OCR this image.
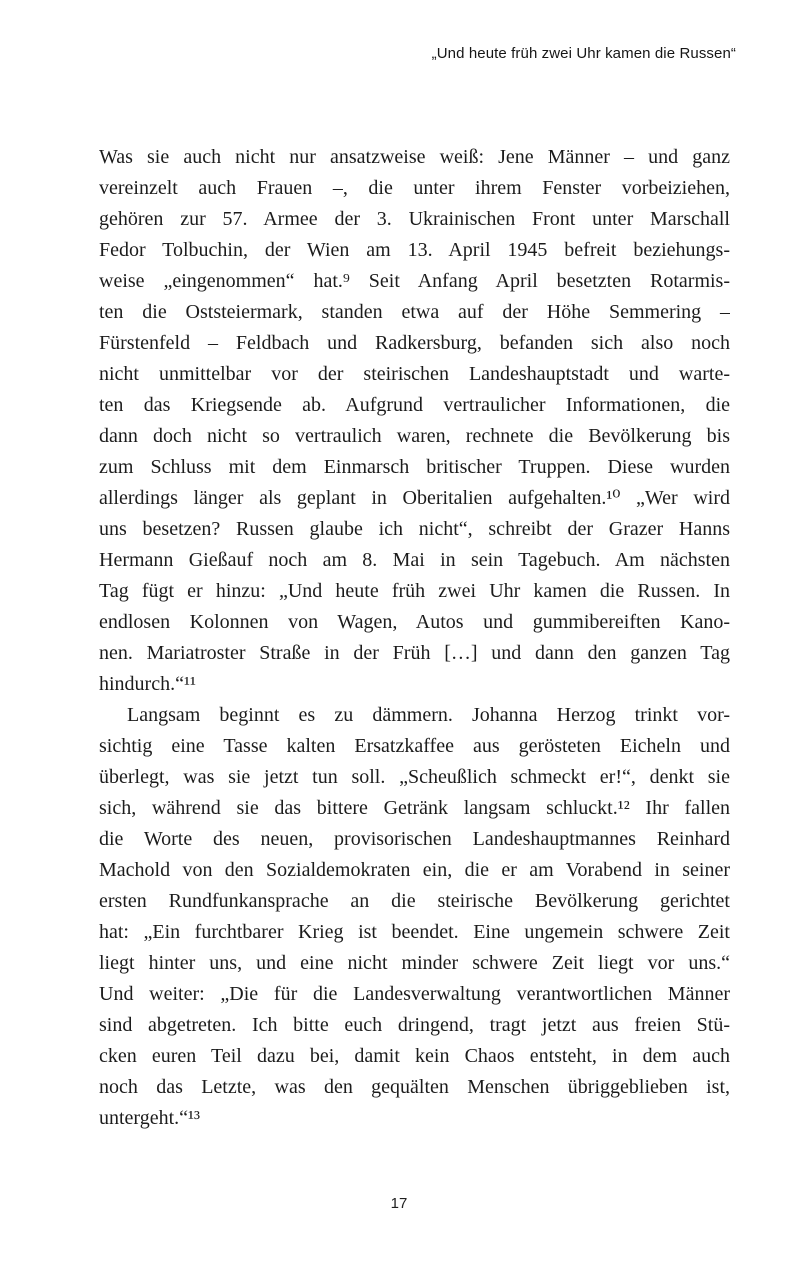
„Und heute früh zwei Uhr kamen die Russen“
Was sie auch nicht nur ansatzweise weiß: Jene Männer – und ganz
vereinzelt auch Frauen –, die unter ihrem Fenster vorbeiziehen,
gehören zur 57. Armee der 3. Ukrainischen Front unter Marschall
Fedor Tolbuchin, der Wien am 13. April 1945 befreit beziehungs-
weise „eingenommen“ hat.⁹ Seit Anfang April besetzten Rotarmis-
ten die Oststeiermark, standen etwa auf der Höhe Semmering –
Fürstenfeld – Feldbach und Radkersburg, befanden sich also noch
nicht unmittelbar vor der steirischen Landeshauptstadt und warte-
ten das Kriegsende ab. Aufgrund vertraulicher Informationen, die
dann doch nicht so vertraulich waren, rechnete die Bevölkerung bis
zum Schluss mit dem Einmarsch britischer Truppen. Diese wurden
allerdings länger als geplant in Oberitalien aufgehalten.¹⁰ „Wer wird
uns besetzen? Russen glaube ich nicht“, schreibt der Grazer Hanns
Hermann Gießauf noch am 8. Mai in sein Tagebuch. Am nächsten
Tag fügt er hinzu: „Und heute früh zwei Uhr kamen die Russen. In
endlosen Kolonnen von Wagen, Autos und gummibereiften Kano-
nen. Mariatroster Straße in der Früh […] und dann den ganzen Tag
hindurch.“¹¹
Langsam beginnt es zu dämmern. Johanna Herzog trinkt vor-
sichtig eine Tasse kalten Ersatzkaffee aus gerösteten Eicheln und
überlegt, was sie jetzt tun soll. „Scheußlich schmeckt er!“, denkt sie
sich, während sie das bittere Getränk langsam schluckt.¹² Ihr fallen
die Worte des neuen, provisorischen Landeshauptmannes Reinhard
Machold von den Sozialdemokraten ein, die er am Vorabend in seiner
ersten Rundfunkansprache an die steirische Bevölkerung gerichtet
hat: „Ein furchtbarer Krieg ist beendet. Eine ungemein schwere Zeit
liegt hinter uns, und eine nicht minder schwere Zeit liegt vor uns.“
Und weiter: „Die für die Landesverwaltung verantwortlichen Männer
sind abgetreten. Ich bitte euch dringend, tragt jetzt aus freien Stü-
cken euren Teil dazu bei, damit kein Chaos entsteht, in dem auch
noch das Letzte, was den gequälten Menschen übriggeblieben ist,
untergeht.“¹³
17
